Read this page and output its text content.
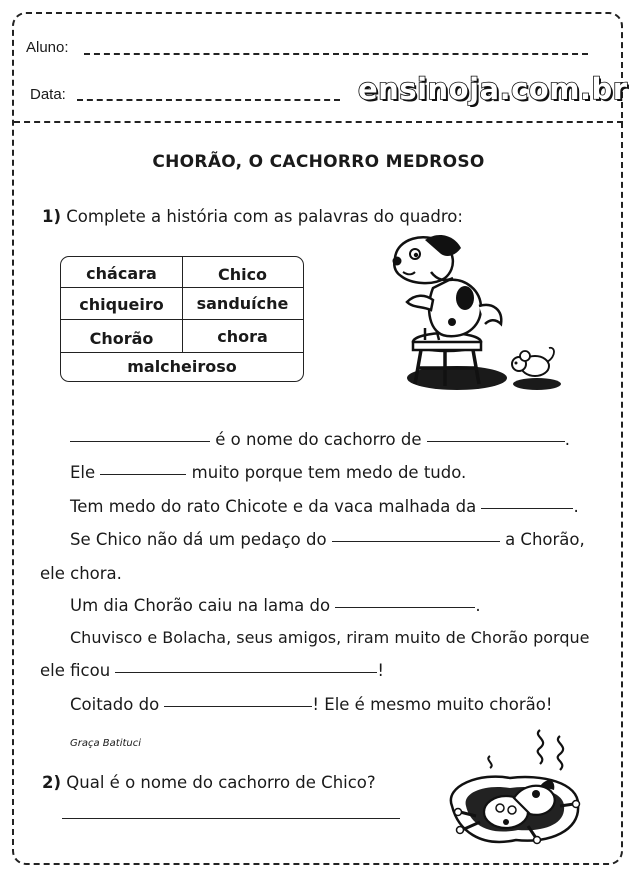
Aluno:
Data:	ensinoja.com.br
CHORÃO, O CACHORRO MEDROSO
1) Complete a história com as palavras do quadro:
chácara	Chico
chiqueiro	sanduíche
Chorão	chora
malcheiroso
é o nome do cachorro de	.
Ele	muito porque tem medo de tudo.
Tem medo do rato Chicote e da vaca malhada da	.
Se Chico não dá um pedaço do	a Chorão,
ele chora.
Um dia Chorão caiu na lama do	.
Chuvisco e Bolacha, seus amigos, riram muito de Chorão porque
ele ficou	!
Coitado do	! Ele é mesmo muito chorão!
Graça Batituci
2) Qual é o nome do cachorro de Chico?
